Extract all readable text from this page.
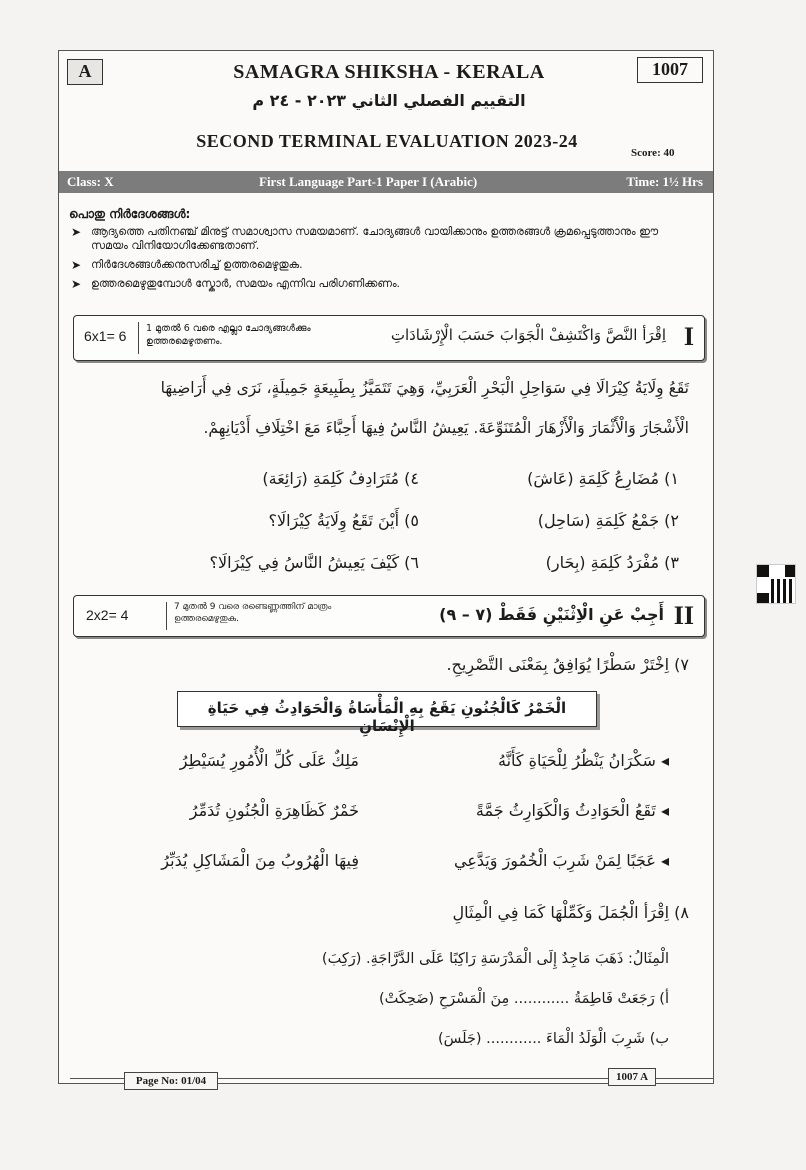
A	SAMAGRA SHIKSHA - KERALA	1007
التقييم الفصلي الثاني ٢٠٢٣ - ٢٤ م
SECOND TERMINAL EVALUATION 2023-24
Score: 40
Class: X	First Language Part-1 Paper I (Arabic)	Time: 1½ Hrs
പൊതു നിർദേശങ്ങൾ:
➤ ആദ്യത്തെ പതിനഞ്ച് മിനുട്ട് സമാശ്വാസ സമയമാണ്. ചോദ്യങ്ങൾ വായിക്കാനും ഉത്തരങ്ങൾ ക്രമപ്പെടുത്താനും ഈ സമയം വിനിയോഗിക്കേണ്ടതാണ്.
➤ നിർദേശങ്ങൾക്കനുസരിച്ച് ഉത്തരമെഴുതുക.
➤ ഉത്തരമെഴുതുമ്പോൾ സ്കോർ, സമയം എന്നിവ പരിഗണിക്കണം.
6x1= 6 1 മുതൽ 6 വരെ എല്ലാ ചോദ്യങ്ങൾക്കും ഉത്തരമെഴുതണം.	اِقْرَأ النَّصَّ وَاكْتَشِفْ الْجَوَابَ حَسَبَ الْإِرْشَادَاتِ I
تَقَعُ وِلَايَةُ كِيْرَالَا فِي سَوَاحِلِ الْبَحْرِ الْعَرَبِيِّ، وَهِيَ تَتَمَيَّزُ بِطَبِيعَةٍ جَمِيلَةٍ، نَرَى فِي أَرَاضِيهَا
الْأَشْجَارَ وَالْأَثْمَارَ وَالْأَزْهَارَ الْمُتَنَوِّعَةَ. يَعِيشُ النَّاسُ فِيهَا أَحِبَّاءَ مَعَ اخْتِلَافِ أَدْيَانِهِمْ.
١) مُضَارِعُ كَلِمَةِ (عَاشَ)
٤) مُتَرَادِفُ كَلِمَةِ (رَائِعَة)
٢) جَمْعُ كَلِمَةِ (سَاحِل)
٥) أَيْنَ تَقَعُ وِلَايَةُ كِيْرَالَا؟
٣) مُفْرَدُ كَلِمَةِ (بِحَار)
٦) كَيْفَ يَعِيشُ النَّاسُ فِي كِيْرَالَا؟
2x2= 4	7 മുതൽ 9 വരെ രണ്ടെണ്ണത്തിന് മാത്രം ഉത്തരമെഴുതുക.	أَجِبْ عَنِ الْاِثْنَيْنِ فَقَطْ (٧ – ٩) II
٧) اِخْتَرْ سَطْرًا يُوَافِقُ بِمَعْنَى التَّصْرِيحِ.
الْخَمْرُ كَالْجُنُونِ يَقَعُ بِهِ الْمَأْسَاةُ وَالْحَوَادِثُ فِي حَيَاةِ الْإِنْسَانِ
◂ سَكْرَانُ يَنْظُرُ لِلْحَيَاةِ كَأَنَّهُ
مَلِكٌ عَلَى كُلِّ الْأُمُورِ يُسَيْطِرُ
◂ تَقَعُ الْحَوَادِثُ وَالْكَوَارِثُ جَمَّةً
خَمْرٌ كَظَاهِرَةِ الْجُنُونِ تُدَمِّرُ
◂ عَجَبًا لِمَنْ شَرِبَ الْخُمُورَ وَيَدَّعِي
فِيهَا الْهُرُوبُ مِنَ الْمَشَاكِلِ يُدَبِّرُ
٨) اِقْرَأ الْجُمَلَ وَكَمِّلْهَا كَمَا فِي الْمِثَالِ
الْمِثَالُ: ذَهَبَ مَاجِدٌ إِلَى الْمَدْرَسَةِ رَاكِبًا عَلَى الدَّرَّاجَةِ. (رَكِبَ)
أ) رَجَعَتْ فَاطِمَةُ ............ مِنَ الْمَسْرَحِ (ضَحِكَتْ)
ب) شَرِبَ الْوَلَدُ الْمَاءَ ............ (جَلَسَ)
Page No: 01/04	1007 A
